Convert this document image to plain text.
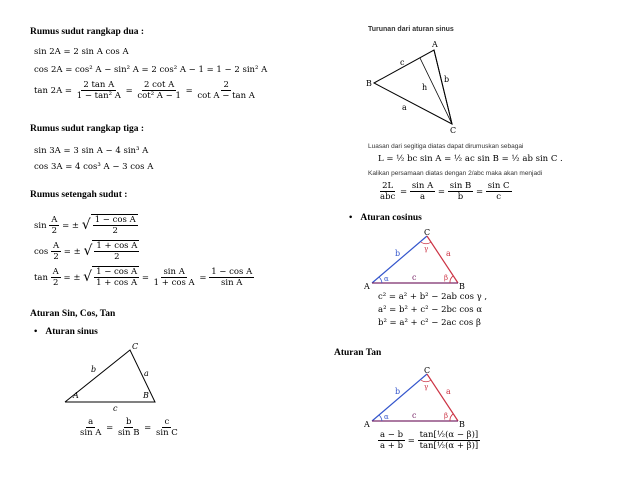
Rumus sudut rangkap dua :
sin 2A = 2 sin A cos A
cos 2A = cos² A − sin² A = 2 cos² A − 1 = 1 − 2 sin² A
$\tan 2A = \frac{\text{2 tan A}}{\text{1 − tan² A}} = \frac{\text{2 cot A}}{\text{cot² A − 1}} = \frac{2}{\text{cot A − tan A}}$
Rumus sudut rangkap tiga :
sin 3A = 3 sin A − 4 sin³ A
cos 3A = 4 cos³ A − 3 cos A
Rumus setengah sudut :
$\sin \frac{A}{2}$ = ± √ $\frac{\text{1 − cos A}}{2}$
$\cos \frac{A}{2}$ = ± √ $\frac{\text{1 + cos A}}{2}$
$\tan \frac{A}{2}$ = ± √ $\frac{\text{1 − cos A}}{\text{1 + cos A}} = \frac{\text{sin A}}{\text{1 + cos A}} = \frac{\text{1 − cos A}}{\text{sin A}}$
Aturan Sin, Cos, Tan
• Aturan sinus
C
A	B
a
b
c
$\frac{a}{\text{sin A}} = \frac{b}{\text{sin B}} = \frac{c}{\text{sin C}}$
Turunan dari aturan sinus
A
B
C
a
b
c
h
Luasan dari segitiga diatas dapat dirumuskan sebagai
L = ½ bc sin A = ½ ac sin B = ½ ab sin C .
Kalikan persamaan diatas dengan 2/abc maka akan menjadi
$\frac{2L}{\text{abc}} = \frac{\text{sin A}}{a} = \frac{\text{sin B}}{b} = \frac{\text{sin C}}{c}$
• Aturan cosinus
C
A	B
b	a
c
α	β
γ
c² = a² + b² − 2ab cos γ ,
a² = b² + c² − 2bc cos α
b² = a² + c² − 2ac cos β
Aturan Tan
C
A	B
b	a
c
α	β
γ
$\frac{a - b}{a + b} = \frac{\text{tan[½(α − β)]}}{\text{tan[½(α + β)]}}$
